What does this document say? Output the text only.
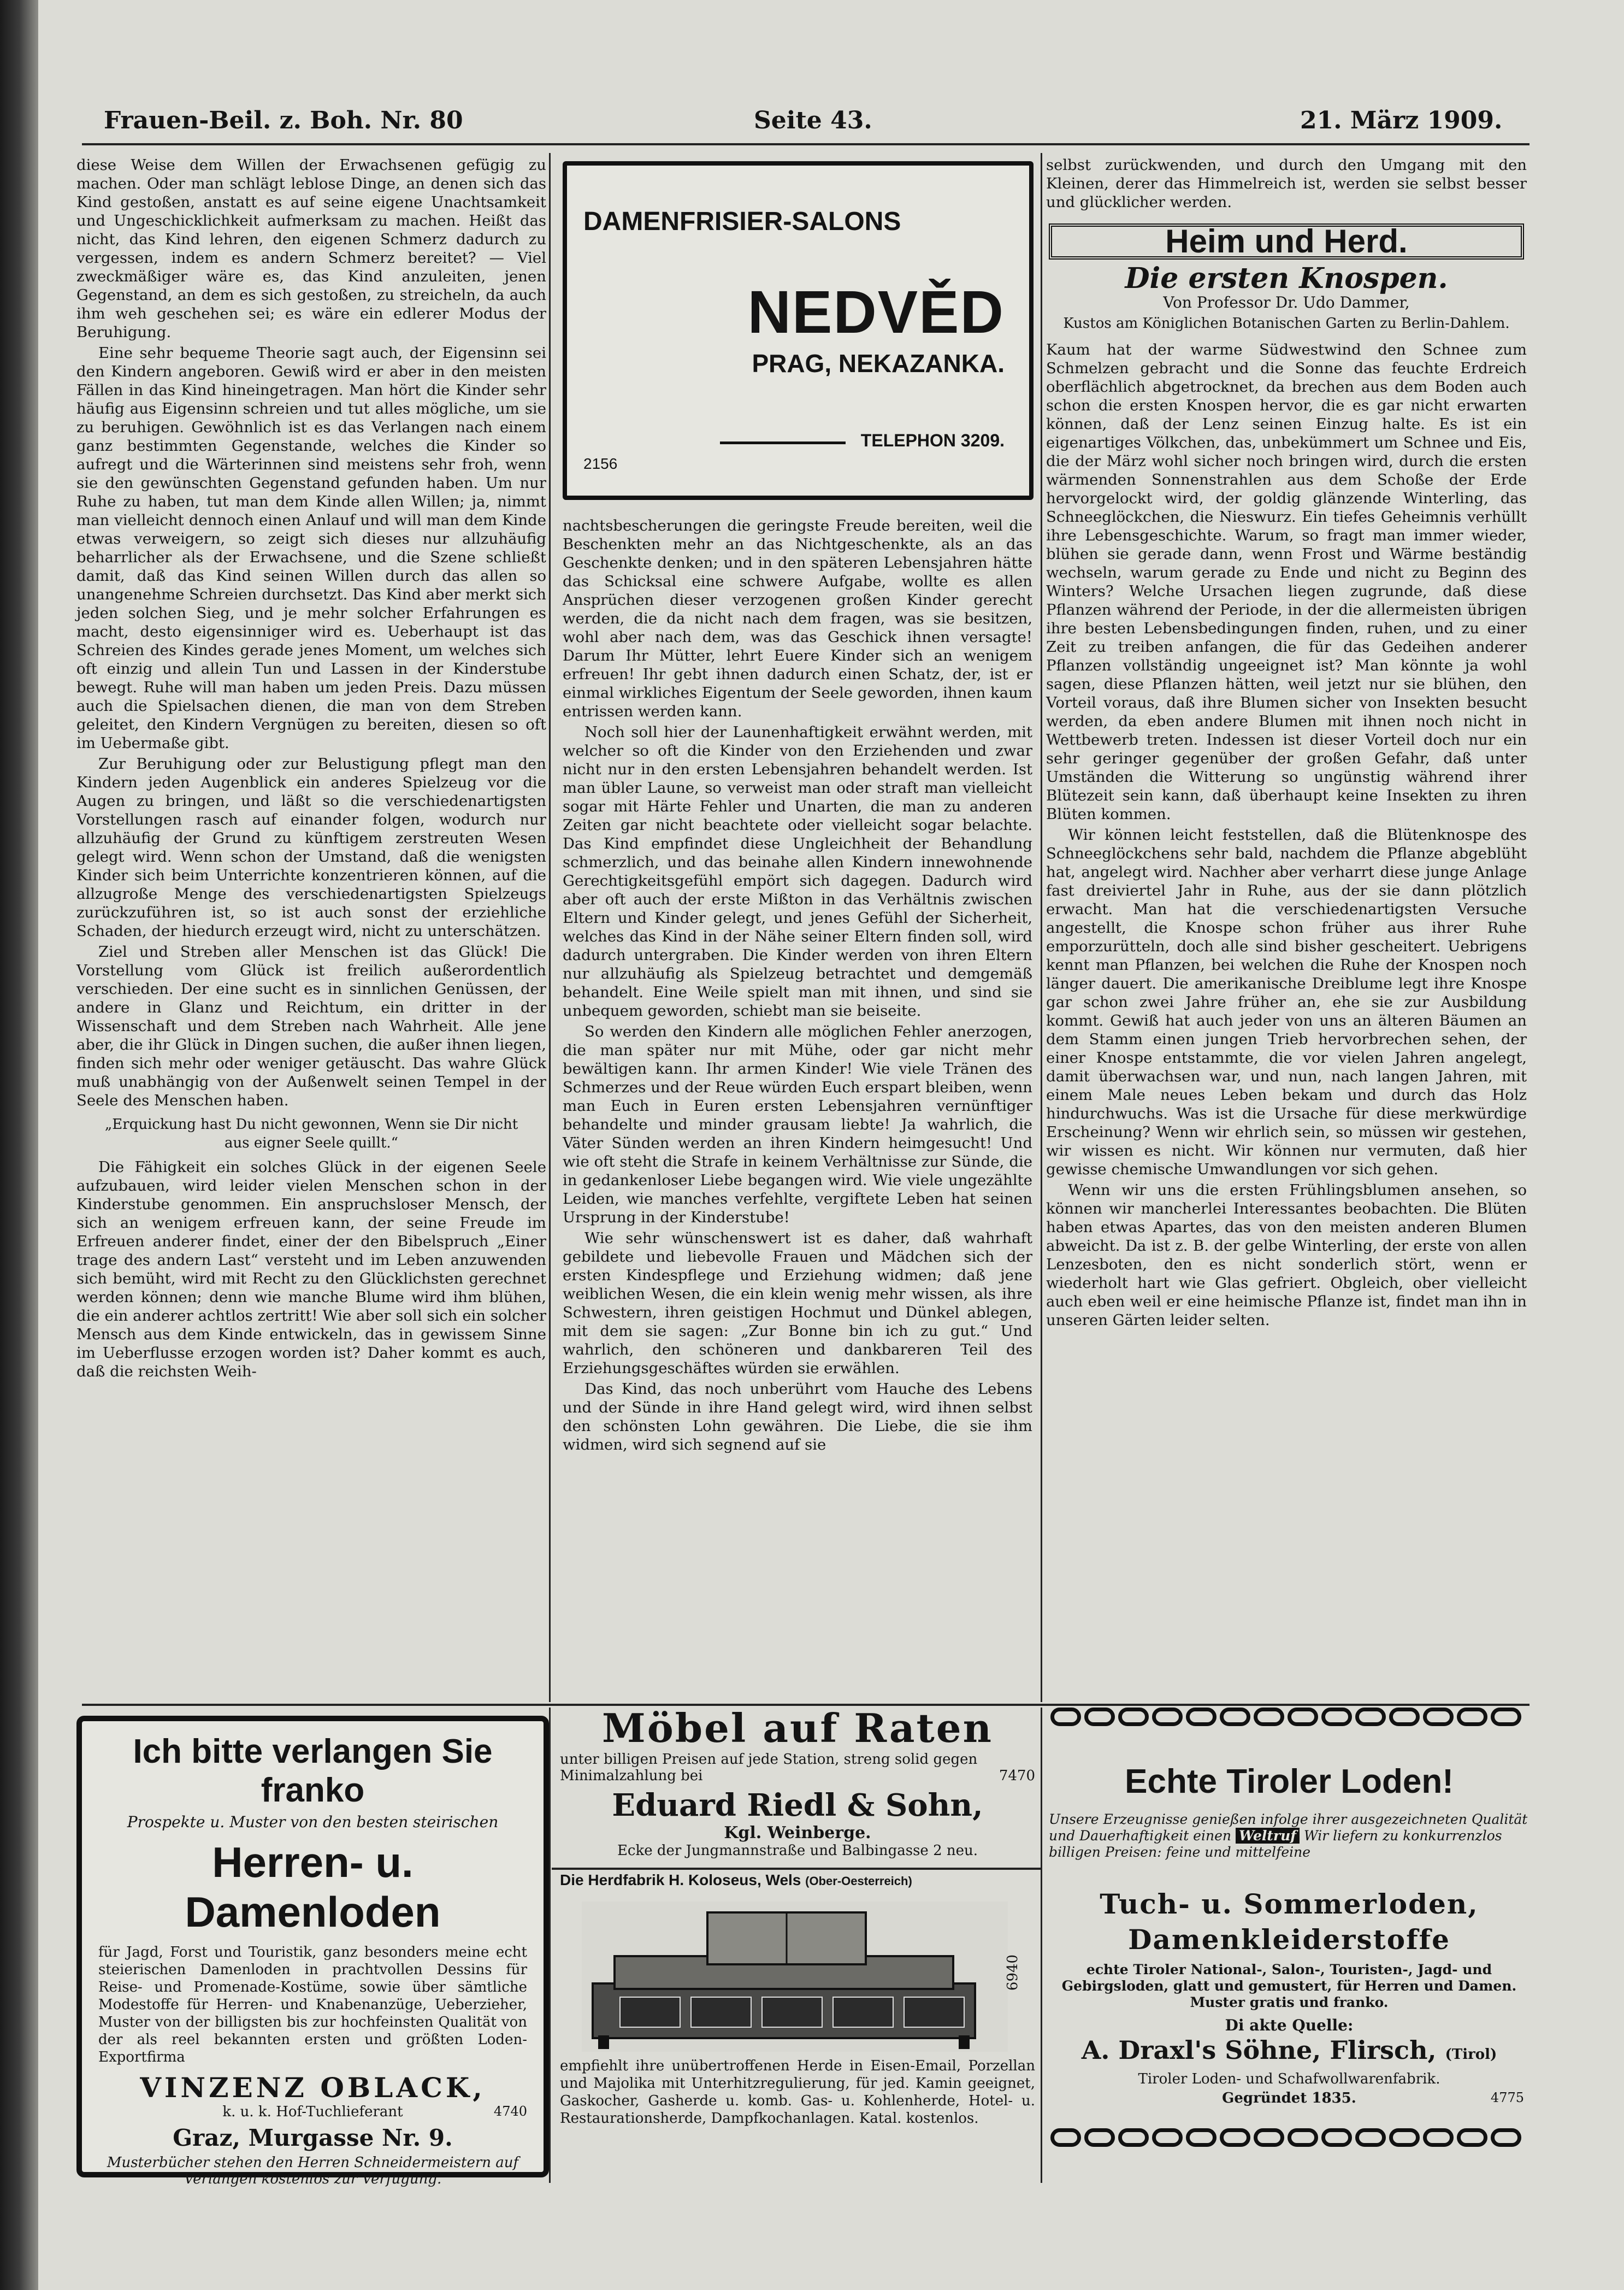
Frauen-Beil. z. Boh. Nr. 80	Seite 43.	21. März 1909.

diese Weise dem Willen der Erwachsenen gefügig zu machen. Oder man schlägt leblose Dinge, an denen sich das Kind gestoßen, anstatt es auf seine eigene Unachtsamkeit und Ungeschicklichkeit aufmerksam zu machen. Heißt das nicht, das Kind lehren, den eigenen Schmerz dadurch zu vergessen, indem es andern Schmerz bereitet? — Viel zweckmäßiger wäre es, das Kind anzuleiten, jenen Gegenstand, an dem es sich gestoßen, zu streicheln, da auch ihm weh geschehen sei; es wäre ein edlerer Modus der Beruhigung.

Eine sehr bequeme Theorie sagt auch, der Eigensinn sei den Kindern angeboren. Gewiß wird er aber in den meisten Fällen in das Kind hineingetragen. Man hört die Kinder sehr häufig aus Eigensinn schreien und tut alles mögliche, um sie zu beruhigen. Gewöhnlich ist es das Verlangen nach einem ganz bestimmten Gegenstande, welches die Kinder so aufregt und die Wärterinnen sind meistens sehr froh, wenn sie den gewünschten Gegenstand gefunden haben. Um nur Ruhe zu haben, tut man dem Kinde allen Willen; ja, nimmt man vielleicht dennoch einen Anlauf und will man dem Kinde etwas verweigern, so zeigt sich dieses nur allzuhäufig beharrlicher als der Erwachsene, und die Szene schließt damit, daß das Kind seinen Willen durch das allen so unangenehme Schreien durchsetzt. Das Kind aber merkt sich jeden solchen Sieg, und je mehr solcher Erfahrungen es macht, desto eigensinniger wird es. Ueberhaupt ist das Schreien des Kindes gerade jenes Moment, um welches sich oft einzig und allein Tun und Lassen in der Kinderstube bewegt. Ruhe will man haben um jeden Preis. Dazu müssen auch die Spielsachen dienen, die man von dem Streben geleitet, den Kindern Vergnügen zu bereiten, diesen so oft im Uebermaße gibt.

Zur Beruhigung oder zur Belustigung pflegt man den Kindern jeden Augenblick ein anderes Spielzeug vor die Augen zu bringen, und läßt so die verschiedenartigsten Vorstellungen rasch auf einander folgen, wodurch nur allzuhäufig der Grund zu künftigem zerstreuten Wesen gelegt wird. Wenn schon der Umstand, daß die wenigsten Kinder sich beim Unterrichte konzentrieren können, auf die allzugroße Menge des verschiedenartigsten Spielzeugs zurückzuführen ist, so ist auch sonst der erziehliche Schaden, der hiedurch erzeugt wird, nicht zu unterschätzen.

Ziel und Streben aller Menschen ist das Glück! Die Vorstellung vom Glück ist freilich außerordentlich verschieden. Der eine sucht es in sinnlichen Genüssen, der andere in Glanz und Reichtum, ein dritter in der Wissenschaft und dem Streben nach Wahrheit. Alle jene aber, die ihr Glück in Dingen suchen, die außer ihnen liegen, finden sich mehr oder weniger getäuscht. Das wahre Glück muß unabhängig von der Außenwelt seinen Tempel in der Seele des Menschen haben.

„Erquickung hast Du nicht gewonnen, Wenn sie Dir nicht aus eigner Seele quillt.“

Die Fähigkeit ein solches Glück in der eigenen Seele aufzubauen, wird leider vielen Menschen schon in der Kinderstube genommen. Ein anspruchsloser Mensch, der sich an wenigem erfreuen kann, der seine Freude im Erfreuen anderer findet, einer der den Bibelspruch „Einer trage des andern Last“ versteht und im Leben anzuwenden sich bemüht, wird mit Recht zu den Glücklichsten gerechnet werden können; denn wie manche Blume wird ihm blühen, die ein anderer achtlos zertritt! Wie aber soll sich ein solcher Mensch aus dem Kinde entwickeln, das in gewissem Sinne im Ueberflusse erzogen worden ist? Daher kommt es auch, daß die reichsten Weih-

DAMENFRISIER-SALONS
NEDVĚD
PRAG, NEKAZANKA.
TELEPHON 3209.
2156

nachtsbescherungen die geringste Freude bereiten, weil die Beschenkten mehr an das Nichtgeschenkte, als an das Geschenkte denken; und in den späteren Lebensjahren hätte das Schicksal eine schwere Aufgabe, wollte es allen Ansprüchen dieser verzogenen großen Kinder gerecht werden, die da nicht nach dem fragen, was sie besitzen, wohl aber nach dem, was das Geschick ihnen versagte! Darum Ihr Mütter, lehrt Euere Kinder sich an wenigem erfreuen! Ihr gebt ihnen dadurch einen Schatz, der, ist er einmal wirkliches Eigentum der Seele geworden, ihnen kaum entrissen werden kann.

Noch soll hier der Launenhaftigkeit erwähnt werden, mit welcher so oft die Kinder von den Erziehenden und zwar nicht nur in den ersten Lebensjahren behandelt werden. Ist man übler Laune, so verweist man oder straft man vielleicht sogar mit Härte Fehler und Unarten, die man zu anderen Zeiten gar nicht beachtete oder vielleicht sogar belachte. Das Kind empfindet diese Ungleichheit der Behandlung schmerzlich, und das beinahe allen Kindern innewohnende Gerechtigkeitsgefühl empört sich dagegen. Dadurch wird aber oft auch der erste Mißton in das Verhältnis zwischen Eltern und Kinder gelegt, und jenes Gefühl der Sicherheit, welches das Kind in der Nähe seiner Eltern finden soll, wird dadurch untergraben. Die Kinder werden von ihren Eltern nur allzuhäufig als Spielzeug betrachtet und demgemäß behandelt. Eine Weile spielt man mit ihnen, und sind sie unbequem geworden, schiebt man sie beiseite.

So werden den Kindern alle möglichen Fehler anerzogen, die man später nur mit Mühe, oder gar nicht mehr bewältigen kann. Ihr armen Kinder! Wie viele Tränen des Schmerzes und der Reue würden Euch erspart bleiben, wenn man Euch in Euren ersten Lebensjahren vernünftiger behandelte und minder grausam liebte! Ja wahrlich, die Väter Sünden werden an ihren Kindern heimgesucht! Und wie oft steht die Strafe in keinem Verhältnisse zur Sünde, die in gedankenloser Liebe begangen wird. Wie viele ungezählte Leiden, wie manches verfehlte, vergiftete Leben hat seinen Ursprung in der Kinderstube!

Wie sehr wünschenswert ist es daher, daß wahrhaft gebildete und liebevolle Frauen und Mädchen sich der ersten Kindespflege und Erziehung widmen; daß jene weiblichen Wesen, die ein klein wenig mehr wissen, als ihre Schwestern, ihren geistigen Hochmut und Dünkel ablegen, mit dem sie sagen: „Zur Bonne bin ich zu gut.“ Und wahrlich, den schöneren und dankbareren Teil des Erziehungsgeschäftes würden sie erwählen.

Das Kind, das noch unberührt vom Hauche des Lebens und der Sünde in ihre Hand gelegt wird, wird ihnen selbst den schönsten Lohn gewähren. Die Liebe, die sie ihm widmen, wird sich segnend auf sie

selbst zurückwenden, und durch den Umgang mit den Kleinen, derer das Himmelreich ist, werden sie selbst besser und glücklicher werden.

Heim und Herd.
Die ersten Knospen.
Von Professor Dr. Udo Dammer,
Kustos am Königlichen Botanischen Garten zu Berlin-Dahlem.

Kaum hat der warme Südwestwind den Schnee zum Schmelzen gebracht und die Sonne das feuchte Erdreich oberflächlich abgetrocknet, da brechen aus dem Boden auch schon die ersten Knospen hervor, die es gar nicht erwarten können, daß der Lenz seinen Einzug halte. Es ist ein eigenartiges Völkchen, das, unbekümmert um Schnee und Eis, die der März wohl sicher noch bringen wird, durch die ersten wärmenden Sonnenstrahlen aus dem Schoße der Erde hervorgelockt wird, der goldig glänzende Winterling, das Schneeglöckchen, die Nieswurz. Ein tiefes Geheimnis verhüllt ihre Lebensgeschichte. Warum, so fragt man immer wieder, blühen sie gerade dann, wenn Frost und Wärme beständig wechseln, warum gerade zu Ende und nicht zu Beginn des Winters? Welche Ursachen liegen zugrunde, daß diese Pflanzen während der Periode, in der die allermeisten übrigen ihre besten Lebensbedingungen finden, ruhen, und zu einer Zeit zu treiben anfangen, die für das Gedeihen anderer Pflanzen vollständig ungeeignet ist? Man könnte ja wohl sagen, diese Pflanzen hätten, weil jetzt nur sie blühen, den Vorteil voraus, daß ihre Blumen sicher von Insekten besucht werden, da eben andere Blumen mit ihnen noch nicht in Wettbewerb treten. Indessen ist dieser Vorteil doch nur ein sehr geringer gegenüber der großen Gefahr, daß unter Umständen die Witterung so ungünstig während ihrer Blütezeit sein kann, daß überhaupt keine Insekten zu ihren Blüten kommen.

Wir können leicht feststellen, daß die Blütenknospe des Schneeglöckchens sehr bald, nachdem die Pflanze abgeblüht hat, angelegt wird. Nachher aber verharrt diese junge Anlage fast dreiviertel Jahr in Ruhe, aus der sie dann plötzlich erwacht. Man hat die verschiedenartigsten Versuche angestellt, die Knospe schon früher aus ihrer Ruhe emporzurütteln, doch alle sind bisher gescheitert. Uebrigens kennt man Pflanzen, bei welchen die Ruhe der Knospen noch länger dauert. Die amerikanische Dreiblume legt ihre Knospe gar schon zwei Jahre früher an, ehe sie zur Ausbildung kommt. Gewiß hat auch jeder von uns an älteren Bäumen an dem Stamm einen jungen Trieb hervorbrechen sehen, der einer Knospe entstammte, die vor vielen Jahren angelegt, damit überwachsen war, und nun, nach langen Jahren, mit einem Male neues Leben bekam und durch das Holz hindurchwuchs. Was ist die Ursache für diese merkwürdige Erscheinung? Wenn wir ehrlich sein, so müssen wir gestehen, wir wissen es nicht. Wir können nur vermuten, daß hier gewisse chemische Umwandlungen vor sich gehen.

Wenn wir uns die ersten Frühlingsblumen ansehen, so können wir mancherlei Interessantes beobachten. Die Blüten haben etwas Apartes, das von den meisten anderen Blumen abweicht. Da ist z. B. der gelbe Winterling, der erste von allen Lenzesboten, den es nicht sonderlich stört, wenn er wiederholt hart wie Glas gefriert. Obgleich, ober vielleicht auch eben weil er eine heimische Pflanze ist, findet man ihn in unseren Gärten leider selten.

Ich bitte verlangen Sie franko
Prospekte u. Muster von den besten steirischen
Herren- u. Damenloden
für Jagd, Forst und Touristik, ganz besonders meine echt steierischen Damenloden in prachtvollen Dessins für Reise- und Promenade-Kostüme, sowie über sämtliche Modestoffe für Herren- und Knabenanzüge, Ueberzieher, Muster von der billigsten bis zur hochfeinsten Qualität von der als reel bekannten ersten und größten Loden-Exportfirma
VINZENZ OBLACK,
k. u. k. Hof-Tuchlieferant	4740
Graz, Murgasse Nr. 9.
Musterbücher stehen den Herren Schneidermeistern auf Verlangen kostenlos zur Verfügung.
Möbel auf Raten
unter billigen Preisen auf jede Station, streng solid gegen Minimalzahlung bei	7470
Eduard Riedl & Sohn,
Kgl. Weinberge.
Ecke der Jungmannstraße und Balbingasse 2 neu.
Die Herdfabrik H. Koloseus, Wels (Ober-Oesterreich)
6940
empfiehlt ihre unübertroffenen Herde in Eisen-Email, Porzellan und Majolika mit Unterhitzregulierung, für jed. Kamin geeignet, Gaskocher, Gasherde u. komb. Gas- u. Kohlenherde, Hotel- u. Restaurationsherde, Dampfkochanlagen. Katal. kostenlos.
Echte Tiroler Loden!
Unsere Erzeugnisse genießen infolge ihrer ausgezeichneten Qualität und Dauerhaftigkeit einen Weltruf Wir liefern zu konkurrenzlos billigen Preisen: feine und mittelfeine
Tuch- u. Sommerloden,
Damenkleiderstoffe
echte Tiroler National-, Salon-, Touristen-, Jagd- und Gebirgsloden, glatt und gemustert, für Herren und Damen. Muster gratis und franko.
Di akte Quelle:
A. Draxl's Söhne, Flirsch, (Tirol)
Tiroler Loden- und Schafwollwarenfabrik.
Gegründet 1835.	4775
